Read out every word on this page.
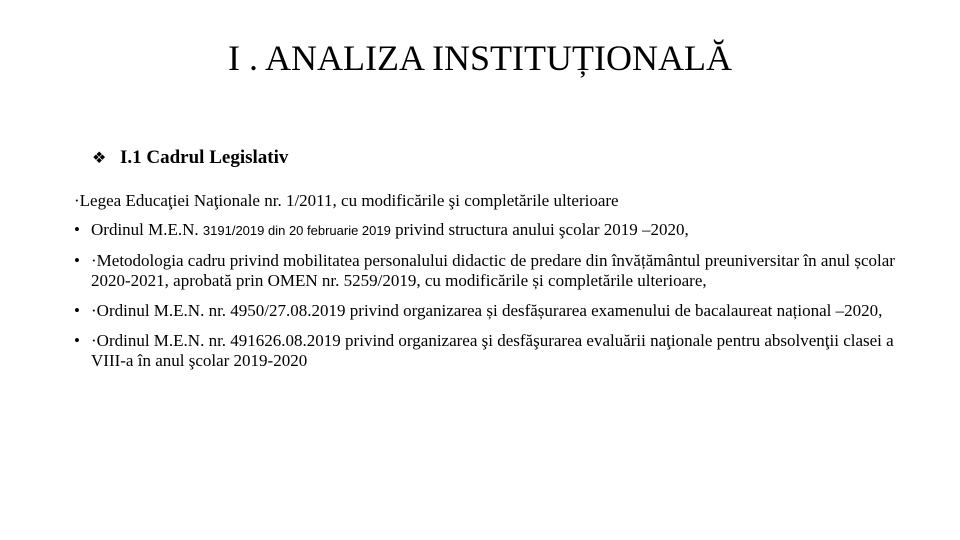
I . ANALIZA INSTITUȚIONALĂ
❖ I.1 Cadrul Legislativ
·Legea Educaţiei Naţionale nr. 1/2011, cu modificările şi completările ulterioare
• Ordinul M.E.N. 3191/2019 din 20 februarie 2019 privind structura anului şcolar 2019 –2020,
• ·Metodologia cadru privind mobilitatea personalului didactic de predare din învățământul preuniversitar în anul școlar 2020-2021, aprobată prin OMEN nr. 5259/2019, cu modificările și completările ulterioare,
• ·Ordinul M.E.N. nr. 4950/27.08.2019 privind organizarea și desfășurarea examenului de bacalaureat național –2020,
• ·Ordinul M.E.N. nr. 491626.08.2019 privind organizarea şi desfăşurarea evaluării naţionale pentru absolvenţii clasei a VIII-a în anul şcolar 2019-2020
